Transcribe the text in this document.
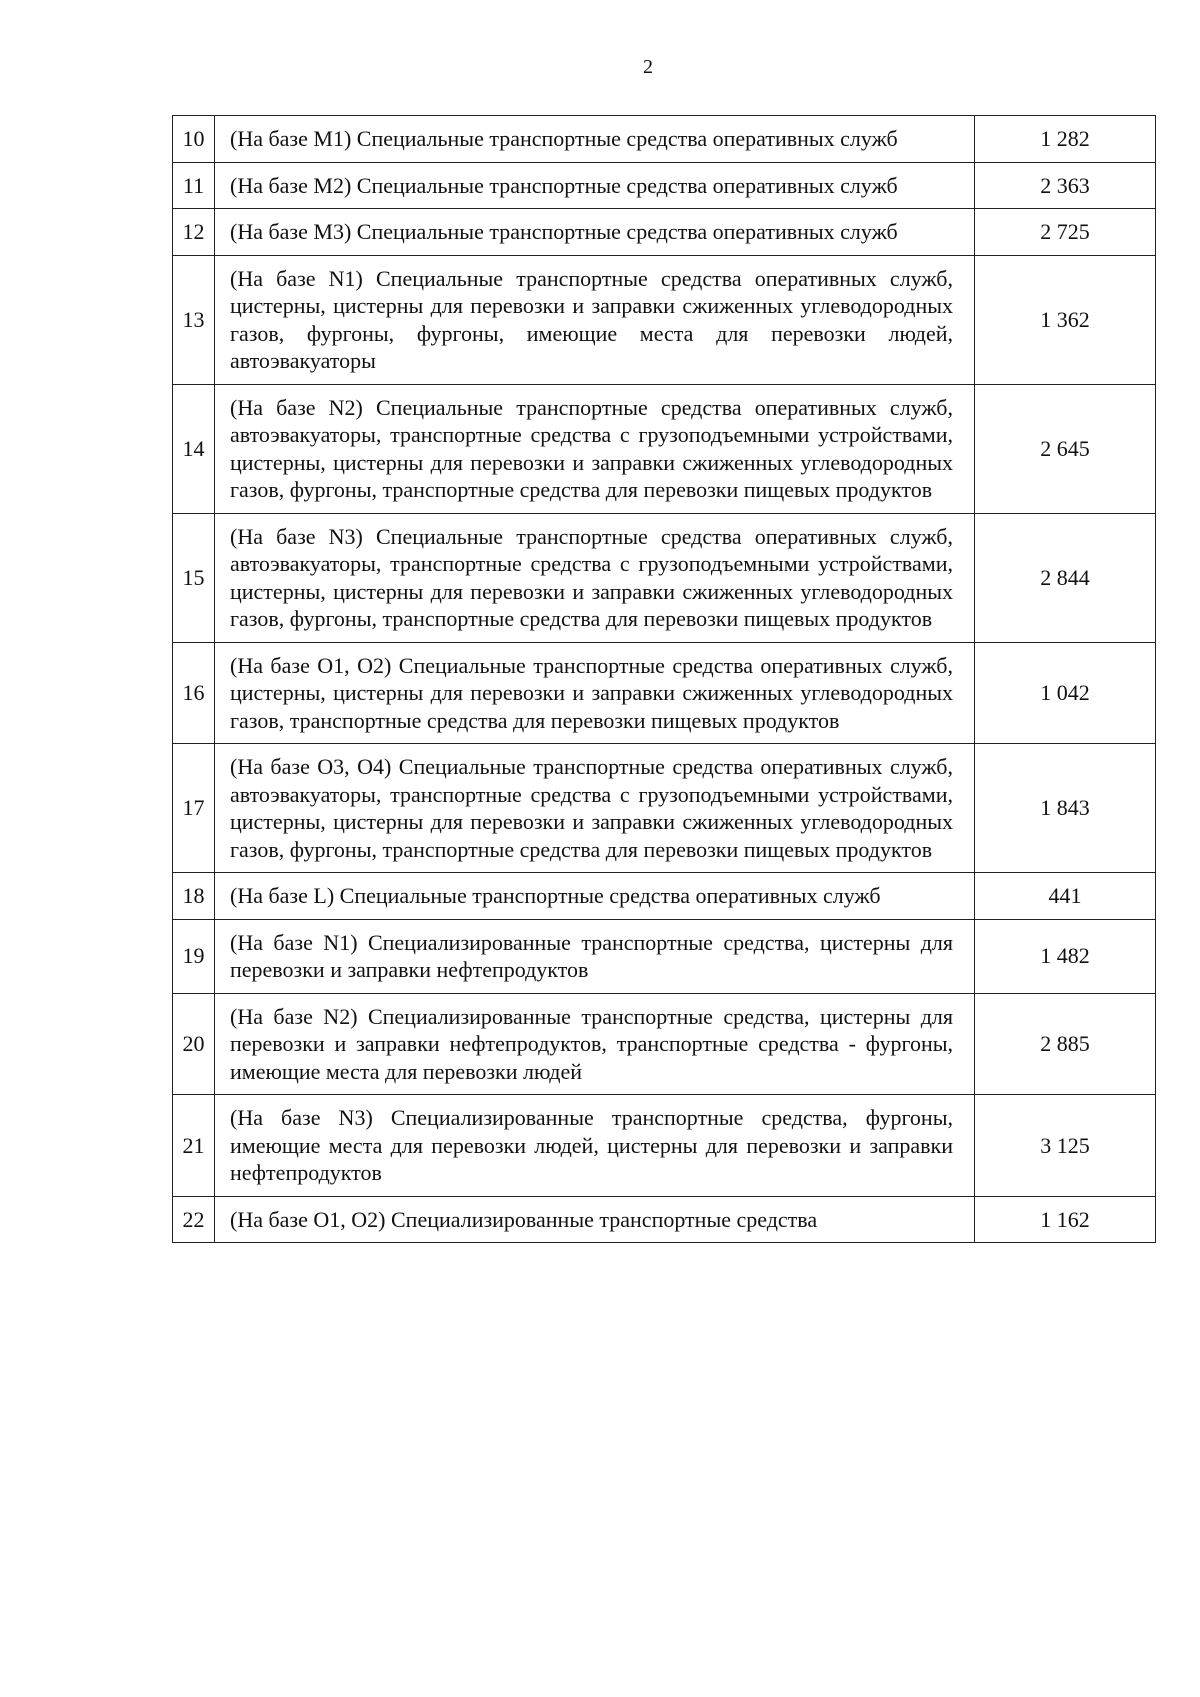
2
10	(На базе M1) Специальные транспортные средства оперативных служб	1 282
11	(На базе M2) Специальные транспортные средства оперативных служб	2 363
12	(На базе M3) Специальные транспортные средства оперативных служб	2 725
13	(На базе N1) Специальные транспортные средства оперативных служб, цистерны, цистерны для перевозки и заправки сжиженных углеводородных газов, фургоны, фургоны, имеющие места для перевозки людей, автоэвакуаторы	1 362
14	(На базе N2) Специальные транспортные средства оперативных служб, автоэвакуаторы, транспортные средства с грузоподъемными устройствами, цистерны, цистерны для перевозки и заправки сжиженных углеводородных газов, фургоны, транспортные средства для перевозки пищевых продуктов	2 645
15	(На базе N3) Специальные транспортные средства оперативных служб, автоэвакуаторы, транспортные средства с грузоподъемными устройствами, цистерны, цистерны для перевозки и заправки сжиженных углеводородных газов, фургоны, транспортные средства для перевозки пищевых продуктов	2 844
16	(На базе O1, O2) Специальные транспортные средства оперативных служб, цистерны, цистерны для перевозки и заправки сжиженных углеводородных газов, транспортные средства для перевозки пищевых продуктов	1 042
17	(На базе O3, O4) Специальные транспортные средства оперативных служб, автоэвакуаторы, транспортные средства с грузоподъемными устройствами, цистерны, цистерны для перевозки и заправки сжиженных углеводородных газов, фургоны, транспортные средства для перевозки пищевых продуктов	1 843
18	(На базе L) Специальные транспортные средства оперативных служб	441
19	(На базе N1) Специализированные транспортные средства, цистерны для перевозки и заправки нефтепродуктов	1 482
20	(На базе N2) Специализированные транспортные средства, цистерны для перевозки и заправки нефтепродуктов, транспортные средства - фургоны, имеющие места для перевозки людей	2 885
21	(На базе N3) Специализированные транспортные средства, фургоны, имеющие места для перевозки людей, цистерны для перевозки и заправки нефтепродуктов	3 125
22	(На базе O1, O2) Специализированные транспортные средства	1 162
